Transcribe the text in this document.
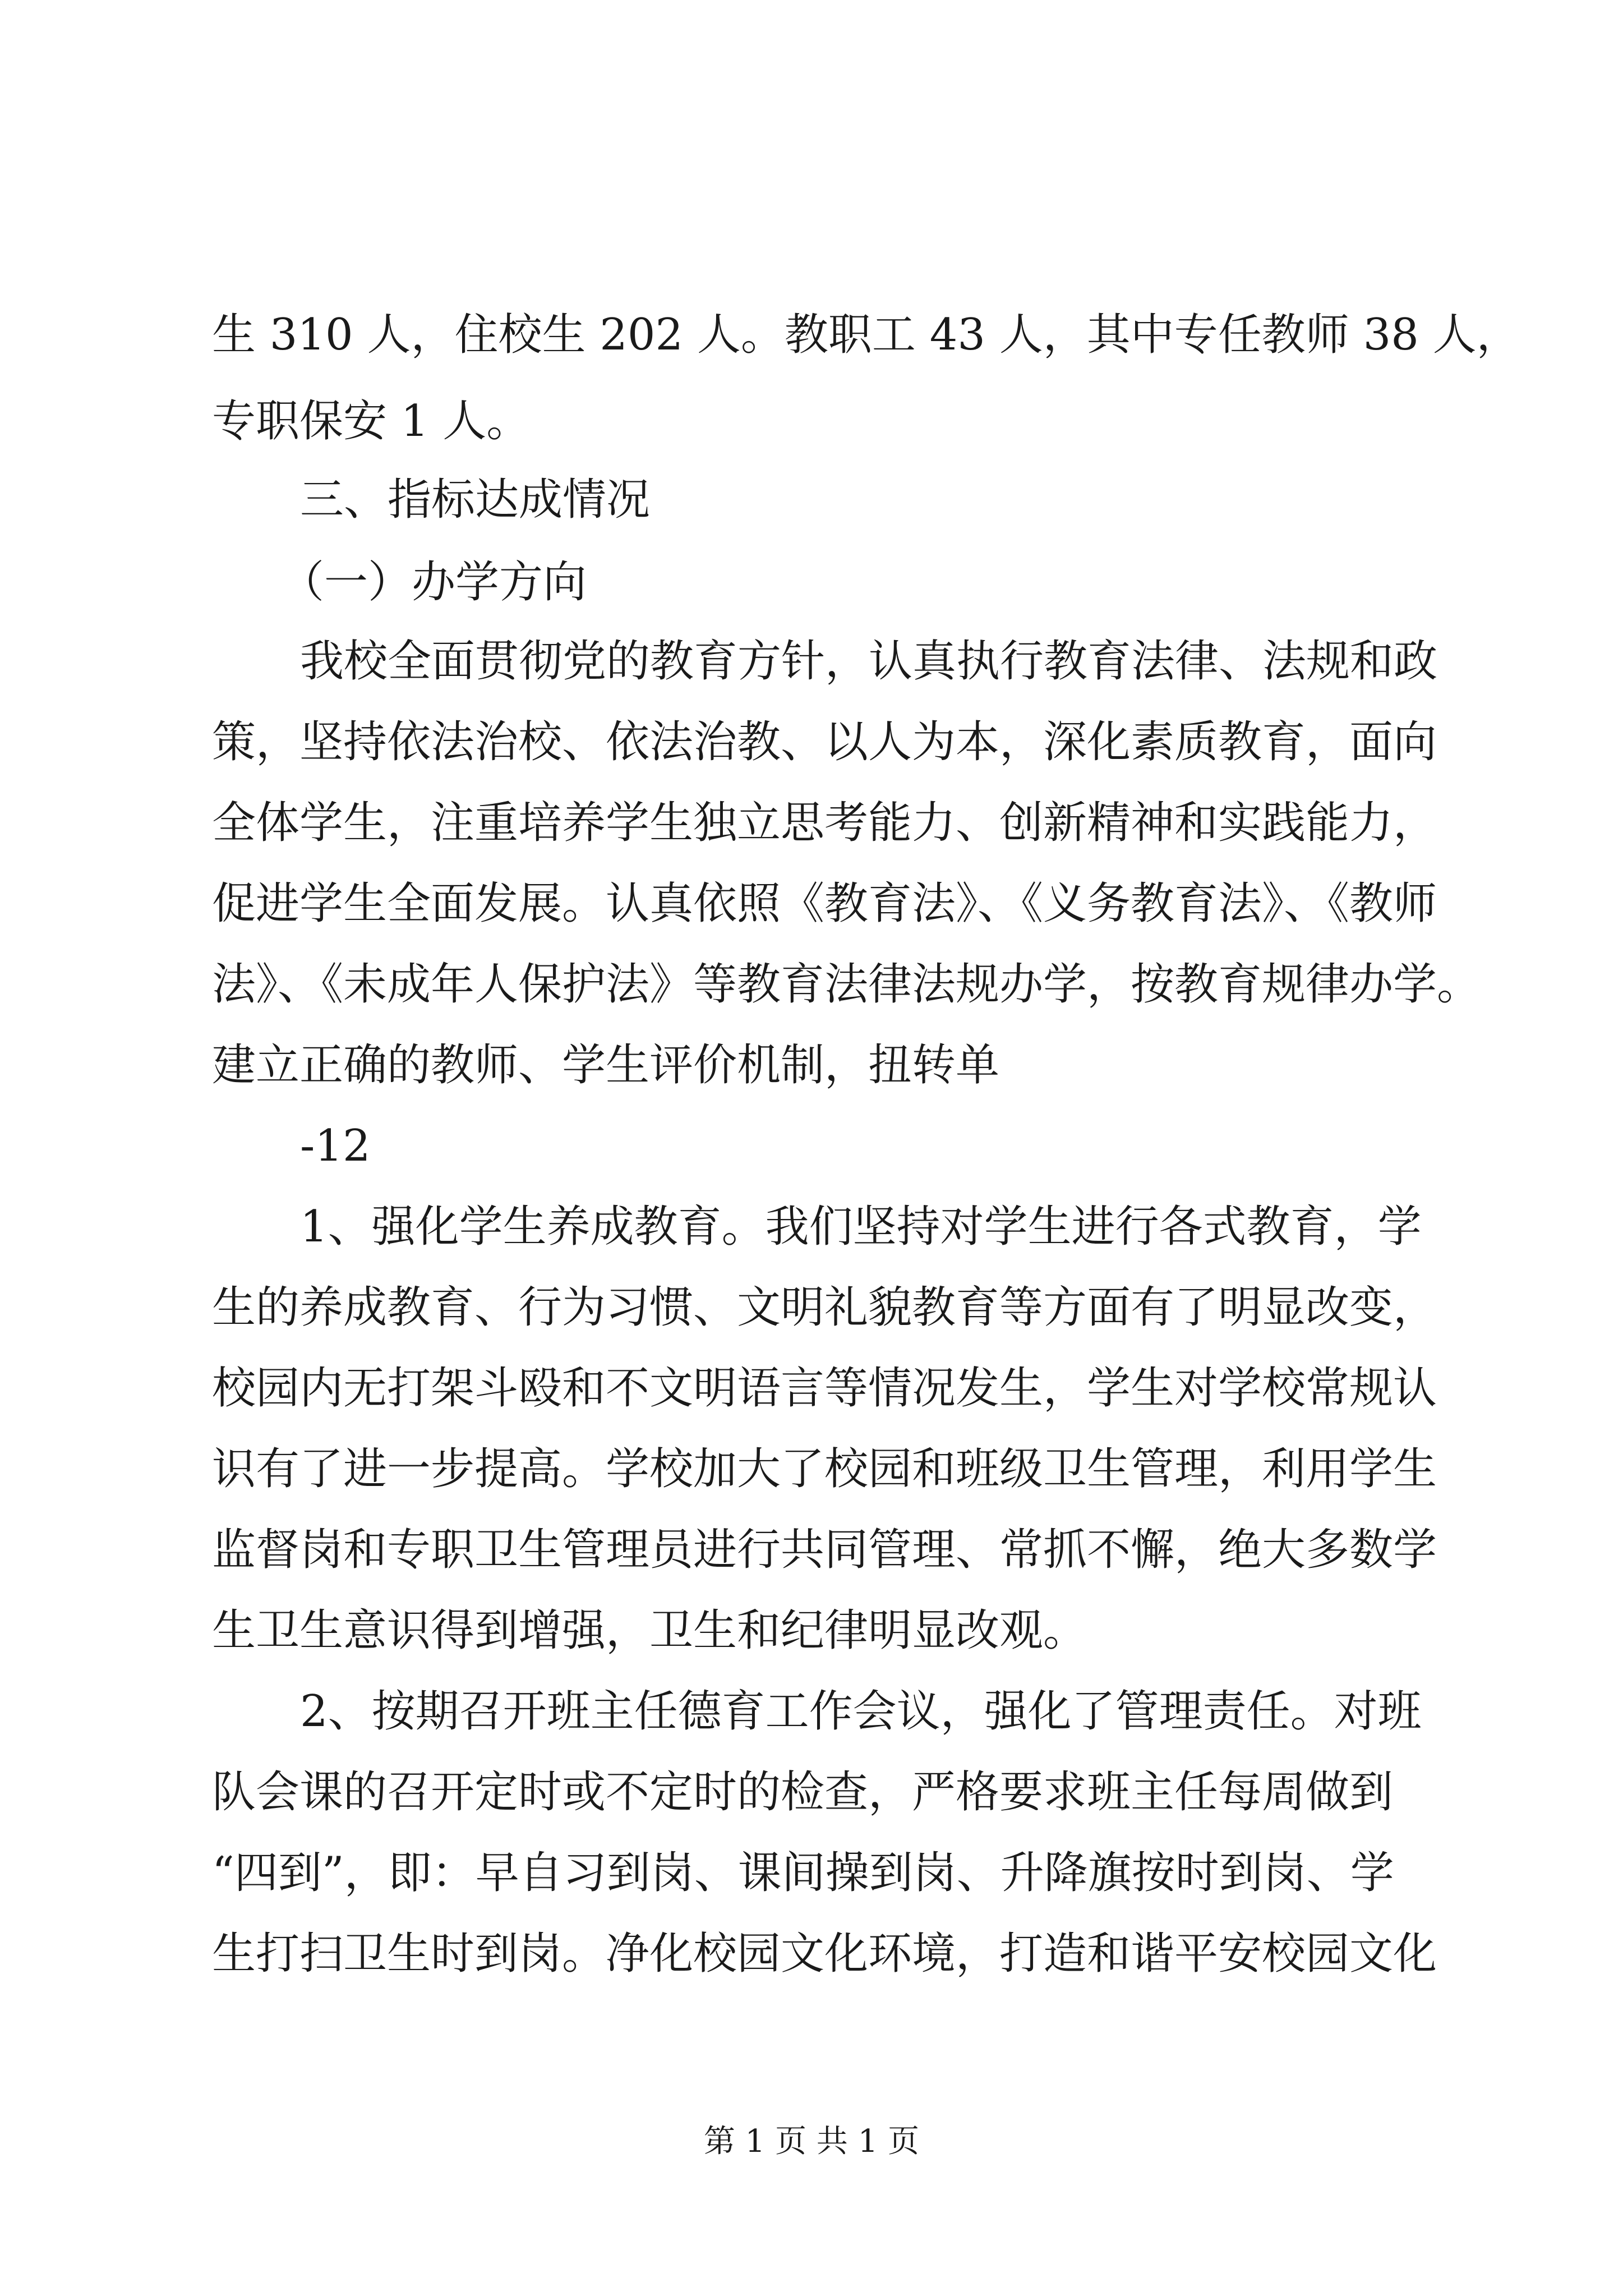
生 310 人，住校生 202 人。教职工 43 人，其中专任教师 38 人，
专职保安 1 人。
三、指标达成情况
（一）办学方向
我校全面贯彻党的教育方针，认真执行教育法律、法规和政
策，坚持依法治校、依法治教、以人为本，深化素质教育，面向
全体学生，注重培养学生独立思考能力、创新精神和实践能力，
促进学生全面发展。认真依照《教育法》、《义务教育法》、《教师
法》、《未成年人保护法》等教育法律法规办学，按教育规律办学。
建立正确的教师、学生评价机制，扭转单
-12
1、强化学生养成教育。我们坚持对学生进行各式教育，学
生的养成教育、行为习惯、文明礼貌教育等方面有了明显改变，
校园内无打架斗殴和不文明语言等情况发生，学生对学校常规认
识有了进一步提高。学校加大了校园和班级卫生管理，利用学生
监督岗和专职卫生管理员进行共同管理、常抓不懈，绝大多数学
生卫生意识得到增强，卫生和纪律明显改观。
2、按期召开班主任德育工作会议，强化了管理责任。对班
队会课的召开定时或不定时的检查，严格要求班主任每周做到
“四到”，即：早自习到岗、课间操到岗、升降旗按时到岗、学
生打扫卫生时到岗。净化校园文化环境，打造和谐平安校园文化
第 1 页 共 1 页
